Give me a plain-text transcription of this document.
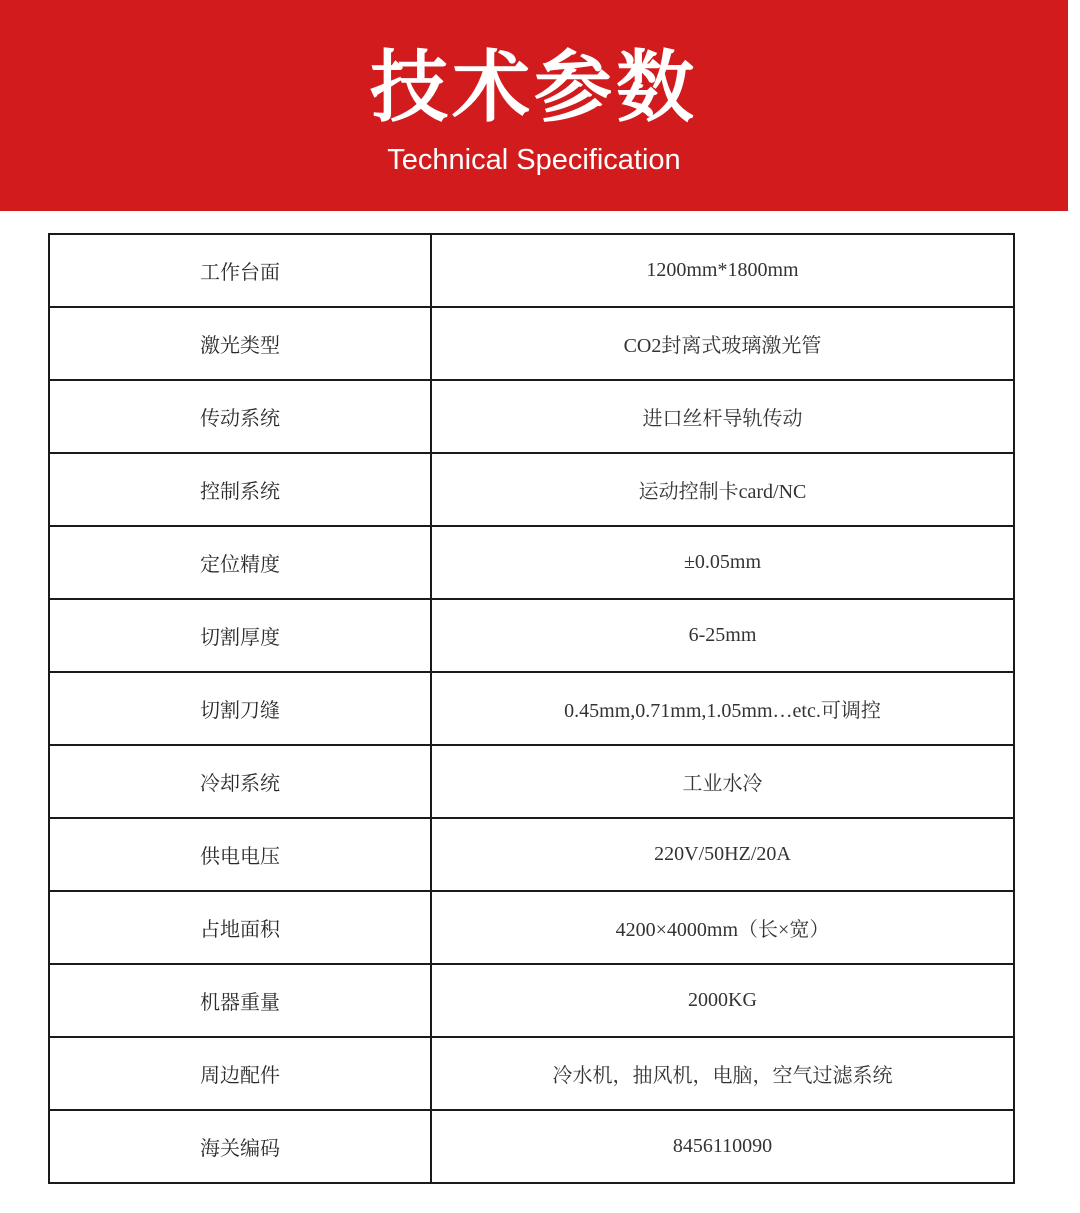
技术参数
Technical Specification
工作台面	1200mm*1800mm
激光类型	CO2封离式玻璃激光管
传动系统	进口丝杆导轨传动
控制系统	运动控制卡card/NC
定位精度	±0.05mm
切割厚度	6-25mm
切割刀缝	0.45mm,0.71mm,1.05mm…etc.可调控
冷却系统	工业水冷
供电电压	220V/50HZ/20A
占地面积	4200×4000mm（长×宽）
机器重量	2000KG
周边配件	冷水机，抽风机，电脑，空气过滤系统
海关编码	8456110090
